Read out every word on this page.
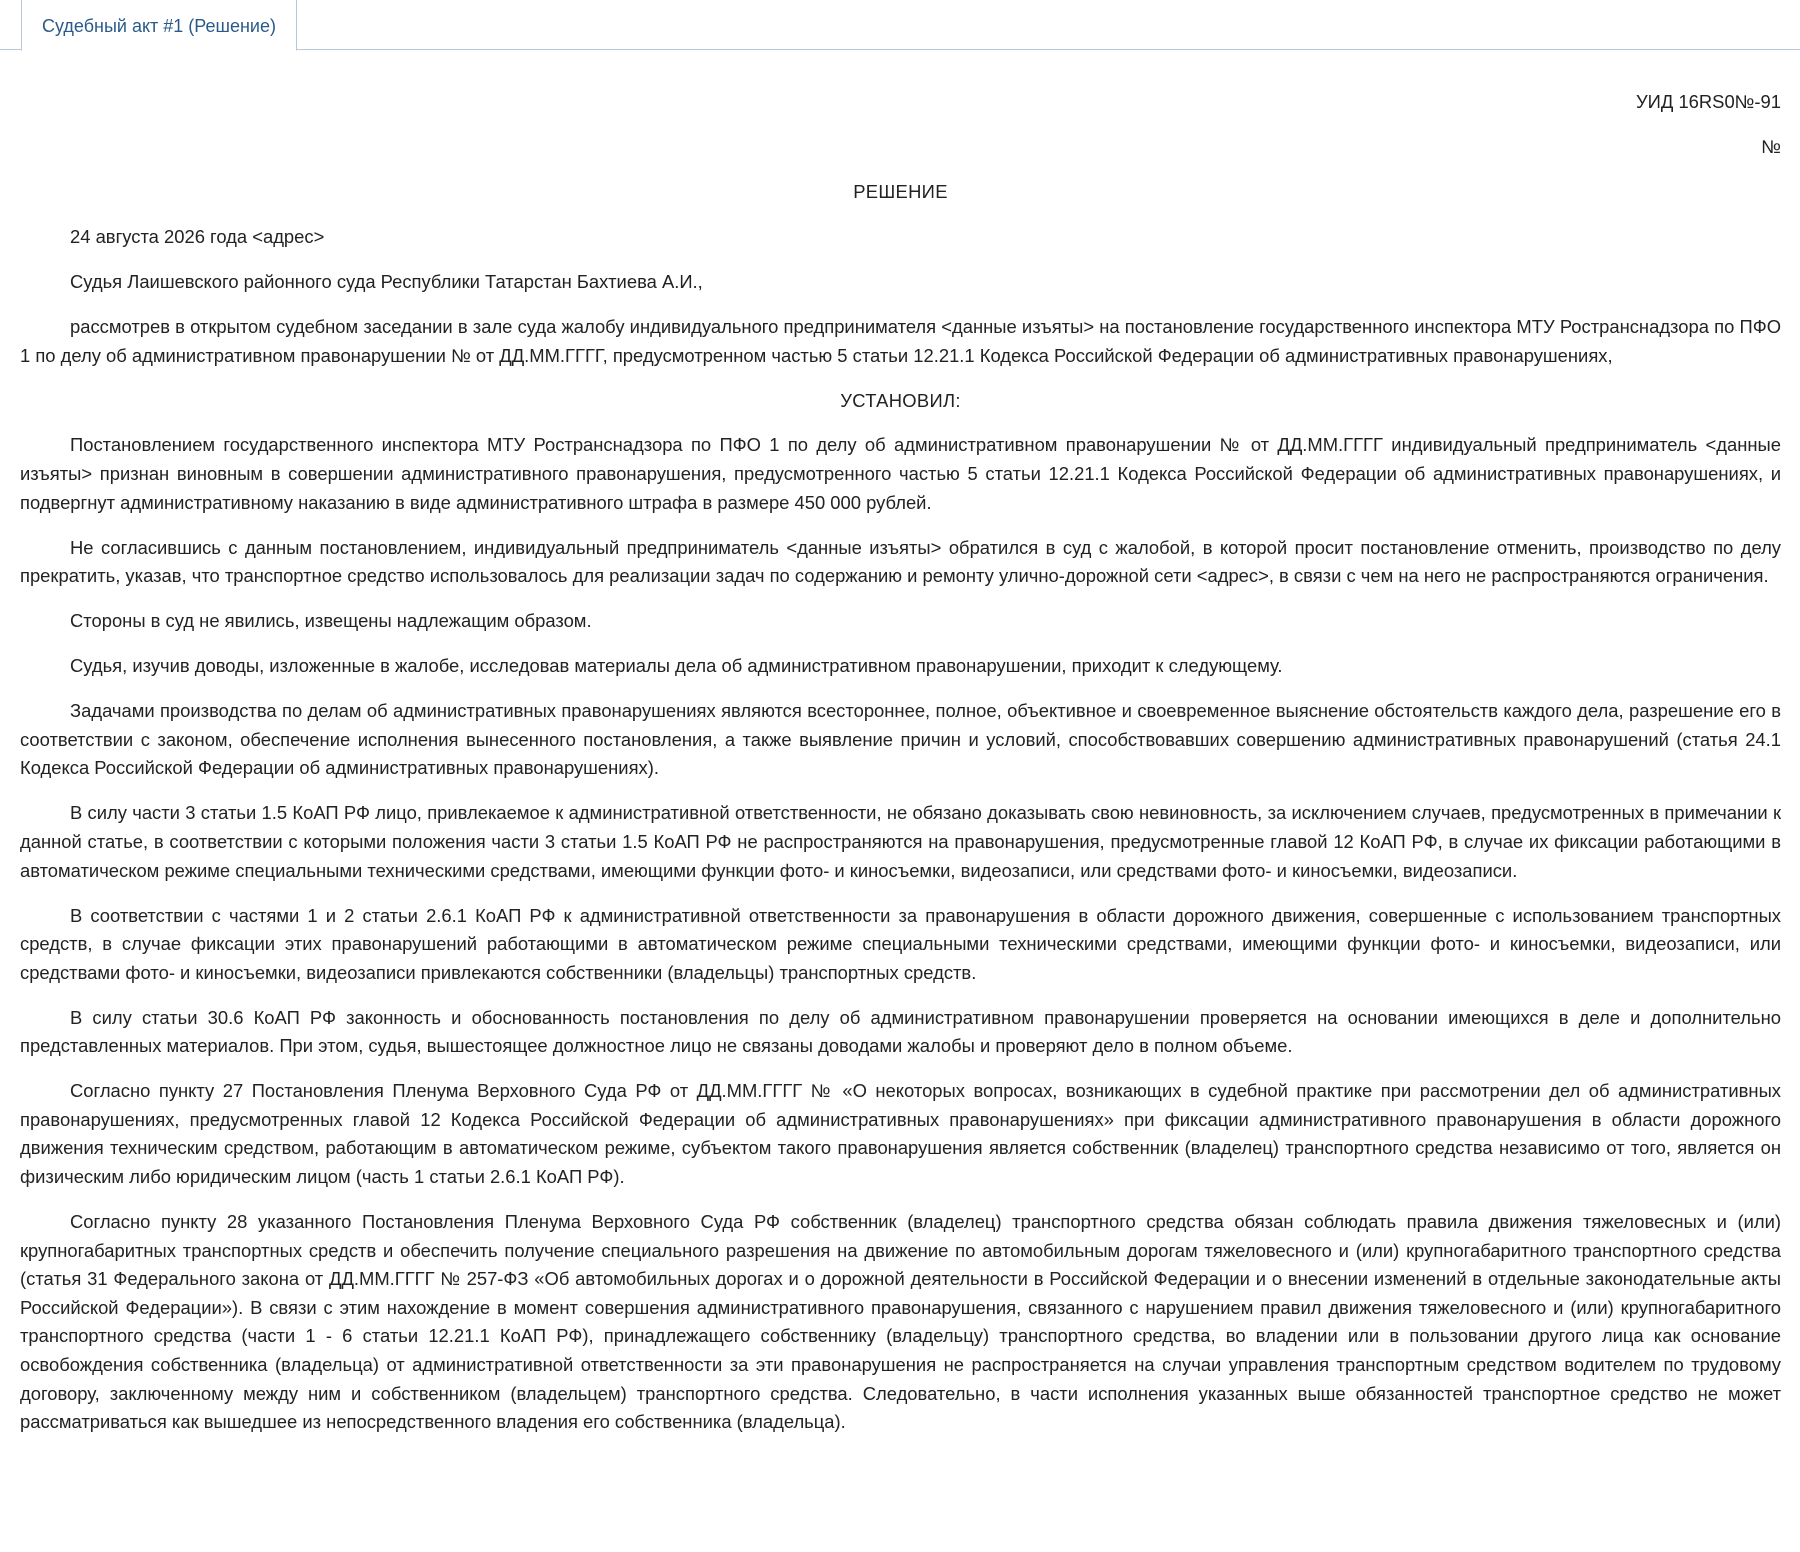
Судебный акт #1 (Решение)

УИД 16RS0№-91

№

РЕШЕНИЕ

24 августа 2026 года <адрес>

Судья Лаишевского районного суда Республики Татарстан Бахтиева А.И.,

рассмотрев в открытом судебном заседании в зале суда жалобу индивидуального предпринимателя <данные изъяты> на постановление государственного инспектора МТУ Ространснадзора по ПФО 1 по делу об административном правонарушении № от ДД.ММ.ГГГГ, предусмотренном частью 5 статьи 12.21.1 Кодекса Российской Федерации об административных правонарушениях,

УСТАНОВИЛ:

Постановлением государственного инспектора МТУ Ространснадзора по ПФО 1 по делу об административном правонарушении № от ДД.ММ.ГГГГ индивидуальный предприниматель <данные изъяты> признан виновным в совершении административного правонарушения, предусмотренного частью 5 статьи 12.21.1 Кодекса Российской Федерации об административных правонарушениях, и подвергнут административному наказанию в виде административного штрафа в размере 450 000 рублей.

Не согласившись с данным постановлением, индивидуальный предприниматель <данные изъяты> обратился в суд с жалобой, в которой просит постановление отменить, производство по делу прекратить, указав, что транспортное средство использовалось для реализации задач по содержанию и ремонту улично-дорожной сети <адрес>, в связи с чем на него не распространяются ограничения.

Стороны в суд не явились, извещены надлежащим образом.

Судья, изучив доводы, изложенные в жалобе, исследовав материалы дела об административном правонарушении, приходит к следующему.

Задачами производства по делам об административных правонарушениях являются всестороннее, полное, объективное и своевременное выяснение обстоятельств каждого дела, разрешение его в соответствии с законом, обеспечение исполнения вынесенного постановления, а также выявление причин и условий, способствовавших совершению административных правонарушений (статья 24.1 Кодекса Российской Федерации об административных правонарушениях).

В силу части 3 статьи 1.5 КоАП РФ лицо, привлекаемое к административной ответственности, не обязано доказывать свою невиновность, за исключением случаев, предусмотренных в примечании к данной статье, в соответствии с которыми положения части 3 статьи 1.5 КоАП РФ не распространяются на правонарушения, предусмотренные главой 12 КоАП РФ, в случае их фиксации работающими в автоматическом режиме специальными техническими средствами, имеющими функции фото- и киносъемки, видеозаписи, или средствами фото- и киносъемки, видеозаписи.

В соответствии с частями 1 и 2 статьи 2.6.1 КоАП РФ к административной ответственности за правонарушения в области дорожного движения, совершенные с использованием транспортных средств, в случае фиксации этих правонарушений работающими в автоматическом режиме специальными техническими средствами, имеющими функции фото- и киносъемки, видеозаписи, или средствами фото- и киносъемки, видеозаписи привлекаются собственники (владельцы) транспортных средств.

В силу статьи 30.6 КоАП РФ законность и обоснованность постановления по делу об административном правонарушении проверяется на основании имеющихся в деле и дополнительно представленных материалов. При этом, судья, вышестоящее должностное лицо не связаны доводами жалобы и проверяют дело в полном объеме.

Согласно пункту 27 Постановления Пленума Верховного Суда РФ от ДД.ММ.ГГГГ № «О некоторых вопросах, возникающих в судебной практике при рассмотрении дел об административных правонарушениях, предусмотренных главой 12 Кодекса Российской Федерации об административных правонарушениях» при фиксации административного правонарушения в области дорожного движения техническим средством, работающим в автоматическом режиме, субъектом такого правонарушения является собственник (владелец) транспортного средства независимо от того, является он физическим либо юридическим лицом (часть 1 статьи 2.6.1 КоАП РФ).

Согласно пункту 28 указанного Постановления Пленума Верховного Суда РФ собственник (владелец) транспортного средства обязан соблюдать правила движения тяжеловесных и (или) крупногабаритных транспортных средств и обеспечить получение специального разрешения на движение по автомобильным дорогам тяжеловесного и (или) крупногабаритного транспортного средства (статья 31 Федерального закона от ДД.ММ.ГГГГ № 257-ФЗ «Об автомобильных дорогах и о дорожной деятельности в Российской Федерации и о внесении изменений в отдельные законодательные акты Российской Федерации»). В связи с этим нахождение в момент совершения административного правонарушения, связанного с нарушением правил движения тяжеловесного и (или) крупногабаритного транспортного средства (части 1 - 6 статьи 12.21.1 КоАП РФ), принадлежащего собственнику (владельцу) транспортного средства, во владении или в пользовании другого лица как основание освобождения собственника (владельца) от административной ответственности за эти правонарушения не распространяется на случаи управления транспортным средством водителем по трудовому договору, заключенному между ним и собственником (владельцем) транспортного средства. Следовательно, в части исполнения указанных выше обязанностей транспортное средство не может рассматриваться как вышедшее из непосредственного владения его собственника (владельца).
